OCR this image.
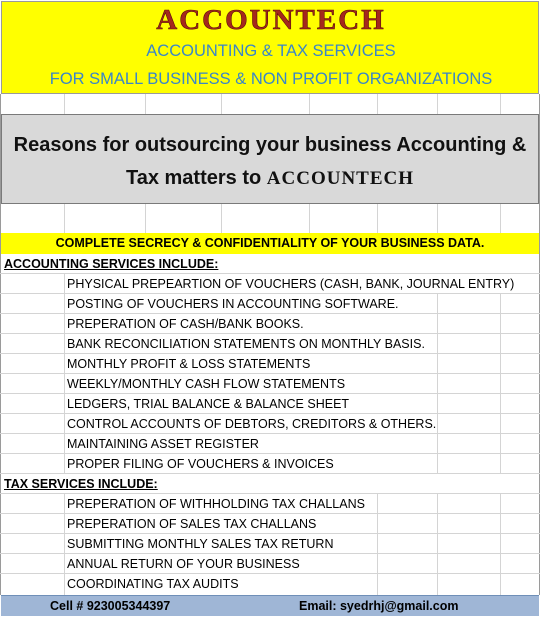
ACCOUNTECH
ACCOUNTING & TAX SERVICES
FOR SMALL BUSINESS & NON PROFIT ORGANIZATIONS
Reasons for outsourcing your business Accounting &
Tax matters to ACCOUNTECH
COMPLETE SECRECY & CONFIDENTIALITY OF YOUR BUSINESS DATA.
ACCOUNTING SERVICES INCLUDE:
PHYSICAL PREPEARTION OF VOUCHERS (CASH, BANK, JOURNAL ENTRY)
POSTING OF VOUCHERS IN ACCOUNTING SOFTWARE.
PREPERATION OF CASH/BANK BOOKS.
BANK RECONCILIATION STATEMENTS ON MONTHLY BASIS.
MONTHLY PROFIT & LOSS STATEMENTS
WEEKLY/MONTHLY CASH FLOW STATEMENTS
LEDGERS, TRIAL BALANCE & BALANCE SHEET
CONTROL ACCOUNTS OF DEBTORS, CREDITORS & OTHERS.
MAINTAINING ASSET REGISTER
PROPER FILING OF VOUCHERS & INVOICES
TAX SERVICES INCLUDE:
PREPERATION OF WITHHOLDING TAX CHALLANS
PREPERATION OF SALES TAX CHALLANS
SUBMITTING MONTHLY SALES TAX RETURN
ANNUAL RETURN OF YOUR BUSINESS
COORDINATING TAX AUDITS
Cell # 923005344397	Email: syedrhj@gmail.com
